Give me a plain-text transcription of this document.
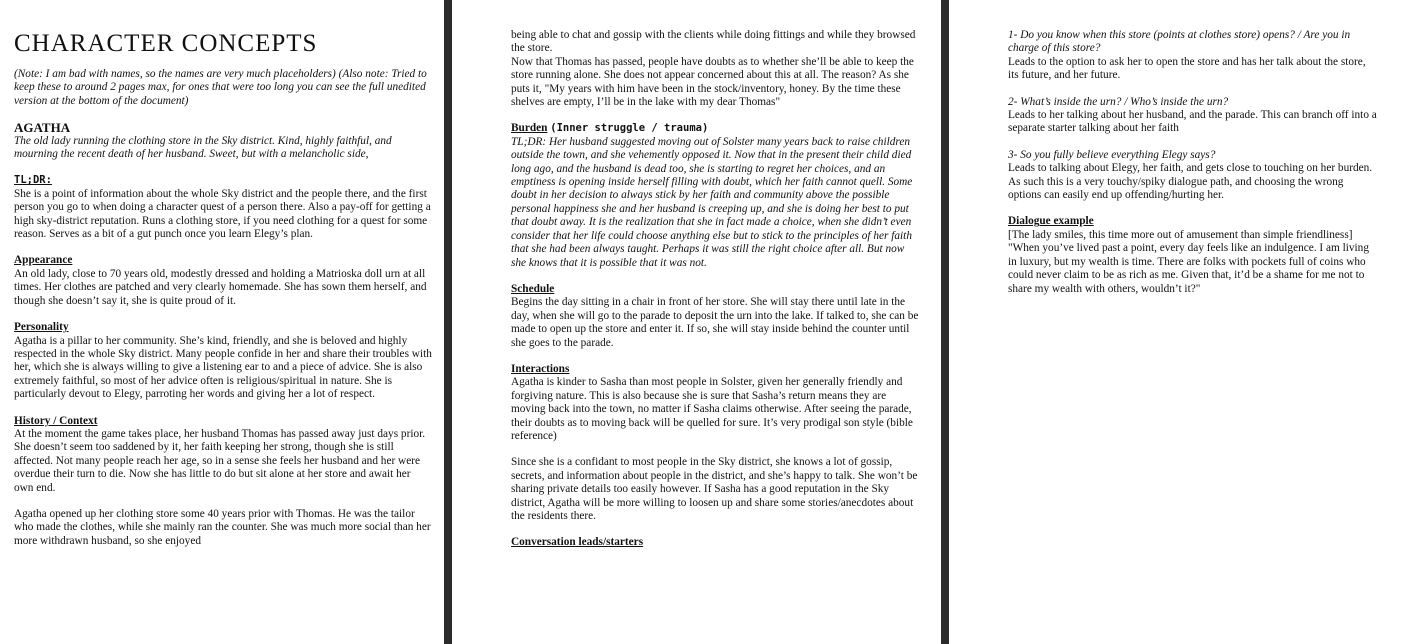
CHARACTER CONCEPTS

(Note: I am bad with names, so the names are very much placeholders) (Also note: Tried to keep these to around 2 pages max, for ones that were too long you can see the full unedited version at the bottom of the document)

AGATHA

The old lady running the clothing store in the Sky district. Kind, highly faithful, and mourning the recent death of her husband. Sweet, but with a melancholic side,

TL;DR:

She is a point of information about the whole Sky district and the people there, and the first person you go to when doing a character quest of a person there. Also a pay-off for getting a high sky-district reputation. Runs a clothing store, if you need clothing for a quest for some reason. Serves as a bit of a gut punch once you learn Elegy’s plan.

Appearance

An old lady, close to 70 years old, modestly dressed and holding a Matrioska doll urn at all times. Her clothes are patched and very clearly homemade. She has sown them herself, and though she doesn’t say it, she is quite proud of it.

Personality

Agatha is a pillar to her community. She’s kind, friendly, and she is beloved and highly respected in the whole Sky district. Many people confide in her and share their troubles with her, which she is always willing to give a listening ear to and a piece of advice. She is also extremely faithful, so most of her advice often is religious/spiritual in nature. She is particularly devout to Elegy, parroting her words and giving her a lot of respect.

History / Context

At the moment the game takes place, her husband Thomas has passed away just days prior. She doesn’t seem too saddened by it, her faith keeping her strong, though she is still affected. Not many people reach her age, so in a sense she feels her husband and her were overdue their turn to die. Now she has little to do but sit alone at her store and await her own end.

Agatha opened up her clothing store some 40 years prior with Thomas. He was the tailor who made the clothes, while she mainly ran the counter. She was much more social than her more withdrawn husband, so she enjoyed

being able to chat and gossip with the clients while doing fittings and while they browsed the store.

Now that Thomas has passed, people have doubts as to whether she’ll be able to keep the store running alone. She does not appear concerned about this at all. The reason? As she puts it, "My years with him have been in the stock/inventory, honey. By the time these shelves are empty, I’ll be in the lake with my dear Thomas"

Burden (Inner struggle / trauma)

TL;DR: Her husband suggested moving out of Solster many years back to raise children outside the town, and she vehemently opposed it. Now that in the present their child died long ago, and the husband is dead too, she is starting to regret her choices, and an emptiness is opening inside herself filling with doubt, which her faith cannot quell. Some doubt in her decision to always stick by her faith and community above the possible personal happiness she and her husband is creeping up, and she is doing her best to put that doubt away. It is the realization that she in fact made a choice, when she didn’t even consider that her life could choose anything else but to stick to the principles of her faith that she had been always taught. Perhaps it was still the right choice after all. But now she knows that it is possible that it was not.

Schedule

Begins the day sitting in a chair in front of her store. She will stay there until late in the day, when she will go to the parade to deposit the urn into the lake. If talked to, she can be made to open up the store and enter it. If so, she will stay inside behind the counter until she goes to the parade.

Interactions

Agatha is kinder to Sasha than most people in Solster, given her generally friendly and forgiving nature. This is also because she is sure that Sasha’s return means they are moving back into the town, no matter if Sasha claims otherwise. After seeing the parade, their doubts as to moving back will be quelled for sure. It’s very prodigal son style (bible reference)

Since she is a confidant to most people in the Sky district, she knows a lot of gossip, secrets, and information about people in the district, and she’s happy to talk. She won’t be sharing private details too easily however. If Sasha has a good reputation in the Sky district, Agatha will be more willing to loosen up and share some stories/anecdotes about the residents there.

Conversation leads/starters

1- Do you know when this store (points at clothes store) opens? / Are you in charge of this store?
Leads to the option to ask her to open the store and has her talk about the store, its future, and her future.

2- What’s inside the urn? / Who’s inside the urn?
Leads to her talking about her husband, and the parade. This can branch off into a separate starter talking about her faith

3- So you fully believe everything Elegy says?
Leads to talking about Elegy, her faith, and gets close to touching on her burden. As such this is a very touchy/spiky dialogue path, and choosing the wrong options can easily end up offending/hurting her.

Dialogue example

[The lady smiles, this time more out of amusement than simple friendliness] "When you’ve lived past a point, every day feels like an indulgence. I am living in luxury, but my wealth is time. There are folks with pockets full of coins who could never claim to be as rich as me. Given that, it’d be a shame for me not to share my wealth with others, wouldn’t it?"
